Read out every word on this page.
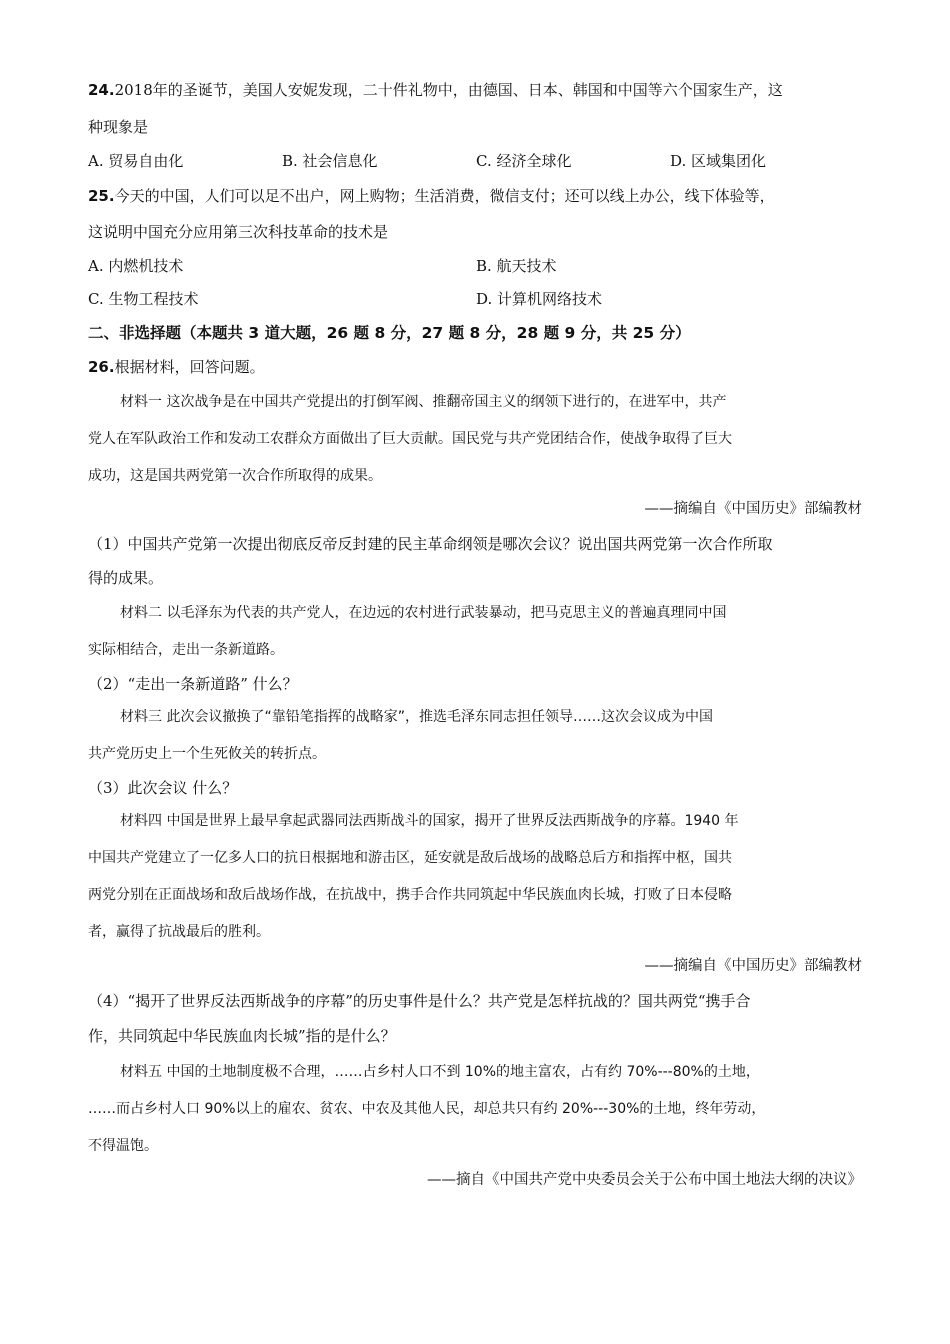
24.2018年的圣诞节，美国人安妮发现，二十件礼物中，由德国、日本、韩国和中国等六个国家生产，这
种现象是
A. 贸易自由化	B. 社会信息化	C. 经济全球化	D. 区域集团化
25.今天的中国，人们可以足不出户，网上购物；生活消费，微信支付；还可以线上办公，线下体验等，
这说明中国充分应用第三次科技革命的技术是
A. 内燃机技术	B. 航天技术
C. 生物工程技术	D. 计算机网络技术
二、非选择题（本题共 3 道大题，26 题 8 分，27 题 8 分，28 题 9 分，共 25 分）
26.根据材料，回答问题。
材料一 这次战争是在中国共产党提出的打倒军阀、推翻帝国主义的纲领下进行的，在进军中，共产
党人在军队政治工作和发动工农群众方面做出了巨大贡献。国民党与共产党团结合作，使战争取得了巨大
成功，这是国共两党第一次合作所取得的成果。
——摘编自《中国历史》部编教材
（1）中国共产党第一次提出彻底反帝反封建的民主革命纲领是哪次会议？说出国共两党第一次合作所取
得的成果。
材料二 以毛泽东为代表的共产党人，在边远的农村进行武装暴动，把马克思主义的普遍真理同中国
实际相结合，走出一条新道路。
（2）“走出一条新道路” 什么？
材料三 此次会议撤换了“靠铅笔指挥的战略家”，推选毛泽东同志担任领导……这次会议成为中国
共产党历史上一个生死攸关的转折点。
（3）此次会议 什么？
材料四 中国是世界上最早拿起武器同法西斯战斗的国家，揭开了世界反法西斯战争的序幕。1940 年
中国共产党建立了一亿多人口的抗日根据地和游击区，延安就是敌后战场的战略总后方和指挥中枢，国共
两党分别在正面战场和敌后战场作战，在抗战中，携手合作共同筑起中华民族血肉长城，打败了日本侵略
者，赢得了抗战最后的胜利。
——摘编自《中国历史》部编教材
（4）“揭开了世界反法西斯战争的序幕”的历史事件是什么？共产党是怎样抗战的？国共两党“携手合
作，共同筑起中华民族血肉长城”指的是什么？
材料五 中国的土地制度极不合理，……占乡村人口不到 10%的地主富农，占有约 70%---80%的土地，
……而占乡村人口 90%以上的雇农、贫农、中农及其他人民，却总共只有约 20%---30%的土地，终年劳动，
不得温饱。
——摘自《中国共产党中央委员会关于公布中国土地法大纲的决议》
